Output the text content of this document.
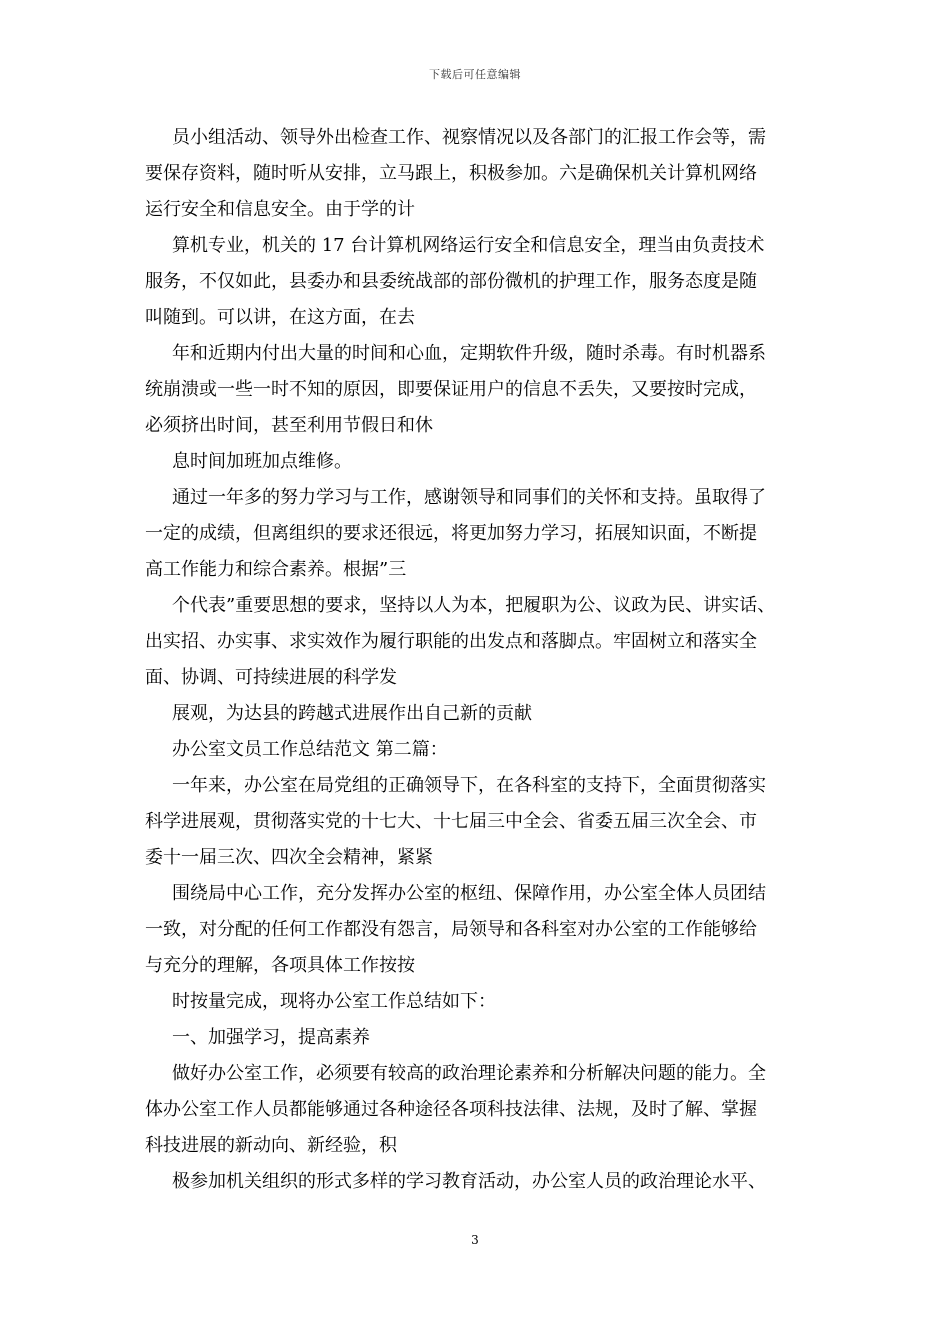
下载后可任意编辑
员小组活动、领导外出检查工作、视察情况以及各部门的汇报工作会等，需
要保存资料，随时听从安排，立马跟上，积极参加。六是确保机关计算机网络
运行安全和信息安全。由于学的计
算机专业，机关的 17 台计算机网络运行安全和信息安全，理当由负责技术
服务，不仅如此，县委办和县委统战部的部份微机的护理工作，服务态度是随
叫随到。可以讲，在这方面，在去
年和近期内付出大量的时间和心血，定期软件升级，随时杀毒。有时机器系
统崩溃或一些一时不知的原因，即要保证用户的信息不丢失，又要按时完成，
必须挤出时间，甚至利用节假日和休
息时间加班加点维修。
通过一年多的努力学习与工作，感谢领导和同事们的关怀和支持。虽取得了
一定的成绩，但离组织的要求还很远，将更加努力学习，拓展知识面，不断提
高工作能力和综合素养。根据”三
个代表”重要思想的要求，坚持以人为本，把履职为公、议政为民、讲实话、
出实招、办实事、求实效作为履行职能的出发点和落脚点。牢固树立和落实全
面、协调、可持续进展的科学发
展观，为达县的跨越式进展作出自己新的贡献
办公室文员工作总结范文 第二篇：
一年来，办公室在局党组的正确领导下，在各科室的支持下，全面贯彻落实
科学进展观，贯彻落实党的十七大、十七届三中全会、省委五届三次全会、市
委十一届三次、四次全会精神，紧紧
围绕局中心工作，充分发挥办公室的枢纽、保障作用，办公室全体人员团结
一致，对分配的任何工作都没有怨言，局领导和各科室对办公室的工作能够给
与充分的理解，各项具体工作按按
时按量完成，现将办公室工作总结如下：
一、加强学习，提高素养
做好办公室工作，必须要有较高的政治理论素养和分析解决问题的能力。全
体办公室工作人员都能够通过各种途径各项科技法律、法规，及时了解、掌握
科技进展的新动向、新经验，积
极参加机关组织的形式多样的学习教育活动，办公室人员的政治理论水平、
3
